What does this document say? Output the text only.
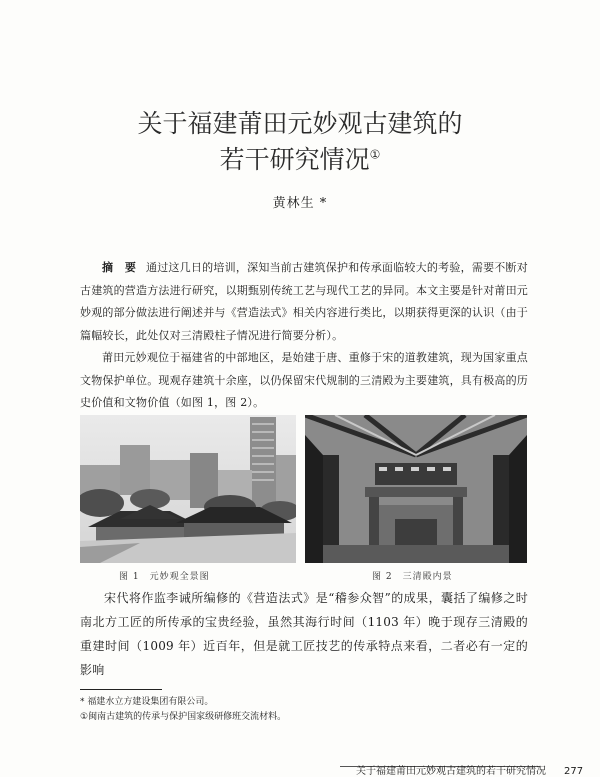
关于福建莆田元妙观古建筑的
若干研究情况①
黄林生 *

摘 要 通过这几日的培训，深知当前古建筑保护和传承面临较大的考验，需要不断对古建筑的营造方法进行研究，以期甄别传统工艺与现代工艺的异同。本文主要是针对莆田元妙观的部分做法进行阐述并与《营造法式》相关内容进行类比，以期获得更深的认识（由于篇幅较长，此处仅对三清殿柱子情况进行简要分析）。

莆田元妙观位于福建省的中部地区，是始建于唐、重修于宋的道教建筑，现为国家重点文物保护单位。现观存建筑十余座，以仍保留宋代规制的三清殿为主要建筑，具有极高的历史价值和文物价值（如图 1，图 2）。

图 1　元妙观全景图	图 2　三清殿内景

宋代将作监李诫所编修的《营造法式》是“稽参众智”的成果，囊括了编修之时南北方工匠的所传承的宝贵经验，虽然其海行时间（1103 年）晚于现存三清殿的重建时间（1009 年）近百年，但是就工匠技艺的传承特点来看，二者必有一定的影响

* 福建水立方建设集团有限公司。
①闽南古建筑的传承与保护国家级研修班交流材料。
关于福建莆田元妙观古建筑的若干研究情况 277
